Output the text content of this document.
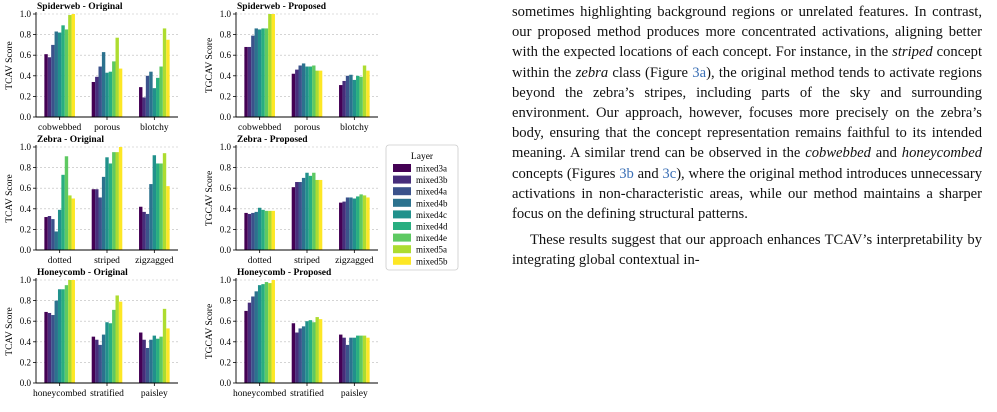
0.0
0.2
0.4
0.6
0.8
1.0
cobwebbed porous blotchy
Spiderweb - Original
TCAV Score
0.0
0.2
0.4
0.6
0.8
1.0
cobwebbed porous blotchy
Spiderweb - Proposed
TGCAV Score
0.0
0.2
0.4
0.6
0.8
1.0
dotted striped zigzagged
Zebra - Original
TCAV Score
0.0
0.2
0.4
0.6
0.8
1.0
dotted striped zigzagged
Zebra - Proposed
TGCAV Score
0.0
0.2
0.4
0.6
0.8
1.0
honeycombed stratified paisley
Honeycomb - Original
TCAV Score
0.0
0.2
0.4
0.6
0.8
1.0
honeycombed stratified paisley
Honeycomb - Proposed
TGCAV Score
Layer
mixed3a
mixed3b
mixed4a
mixed4b
mixed4c
mixed4d
mixed4e
mixed5a
mixed5b

sometimes highlighting background regions or unrelated features. In contrast, our proposed method produces more concentrated activations, aligning better with the expected locations of each concept. For instance, in the striped concept within the zebra class (Figure 3a), the original method tends to activate regions beyond the zebra’s stripes, including parts of the sky and surrounding environment. Our approach, however, focuses more precisely on the zebra’s body, ensuring that the concept representation remains faithful to its intended meaning. A similar trend can be observed in the cobwebbed and honeycombed concepts (Figures 3b and 3c), where the original method introduces unnecessary activations in non-characteristic areas, while our method maintains a sharper focus on the defining structural patterns.

These results suggest that our approach enhances TCAV’s interpretability by integrating global contextual in-
